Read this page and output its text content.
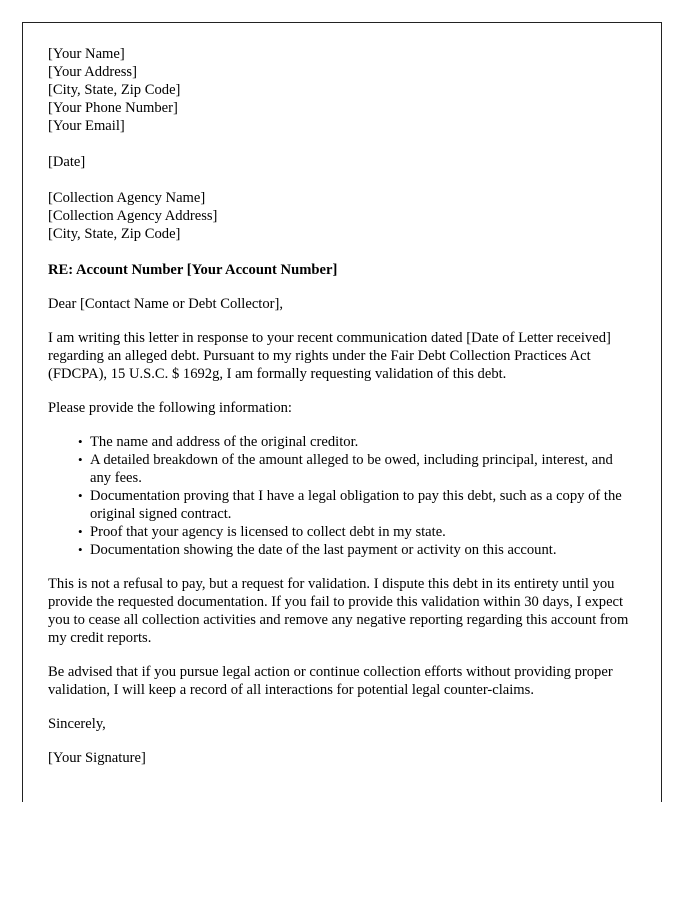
[Your Name]
[Your Address]
[City, State, Zip Code]
[Your Phone Number]
[Your Email]
[Date]
[Collection Agency Name]
[Collection Agency Address]
[City, State, Zip Code]
RE: Account Number [Your Account Number]
Dear [Contact Name or Debt Collector],

I am writing this letter in response to your recent communication dated [Date of Letter received] regarding an alleged debt. Pursuant to my rights under the Fair Debt Collection Practices Act (FDCPA), 15 U.S.C. $ 1692g, I am formally requesting validation of this debt.

Please provide the following information:

• The name and address of the original creditor.
• A detailed breakdown of the amount alleged to be owed, including principal, interest, and any fees.
• Documentation proving that I have a legal obligation to pay this debt, such as a copy of the original signed contract.
• Proof that your agency is licensed to collect debt in my state.
• Documentation showing the date of the last payment or activity on this account.

This is not a refusal to pay, but a request for validation. I dispute this debt in its entirety until you provide the requested documentation. If you fail to provide this validation within 30 days, I expect you to cease all collection activities and remove any negative reporting regarding this account from my credit reports.

Be advised that if you pursue legal action or continue collection efforts without providing proper validation, I will keep a record of all interactions for potential legal counter-claims.

Sincerely,
[Your Signature]
